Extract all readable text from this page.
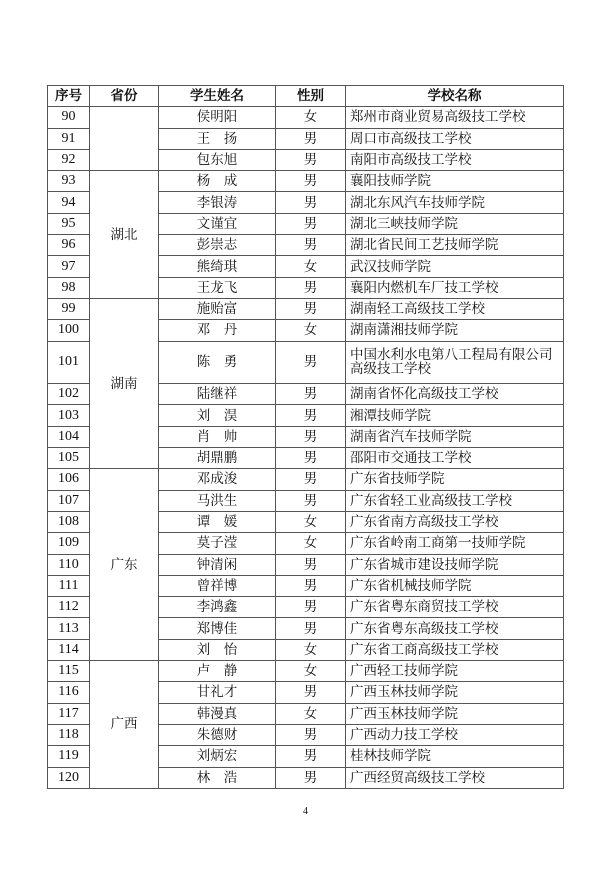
序号	省份	学生姓名	性别	学校名称
90		侯明阳	女	郑州市商业贸易高级技工学校
91		王　扬	男	周口市高级技工学校
92		包东旭	男	南阳市高级技工学校
93	湖北	杨　成	男	襄阳技师学院
94		李银涛	男	湖北东风汽车技师学院
95		文谨宜	男	湖北三峡技师学院
96		彭崇志	男	湖北省民间工艺技师学院
97		熊绮琪	女	武汉技师学院
98		王龙飞	男	襄阳内燃机车厂技工学校
99	湖南	施贻富	男	湖南轻工高级技工学校
100		邓　丹	女	湖南潇湘技师学院
101		陈　勇	男	中国水利水电第八工程局有限公司高级技工学校
102		陆继祥	男	湖南省怀化高级技工学校
103		刘　淏	男	湘潭技师学院
104		肖　帅	男	湖南省汽车技师学院
105		胡鼎鹏	男	邵阳市交通技工学校
106	广东	邓成浚	男	广东省技师学院
107		马洪生	男	广东省轻工业高级技工学校
108		谭　媛	女	广东省南方高级技工学校
109		莫子滢	女	广东省岭南工商第一技师学院
110		钟清闲	男	广东省城市建设技师学院
111		曾祥博	男	广东省机械技师学院
112		李鸿鑫	男	广东省粤东商贸技工学校
113		郑博佳	男	广东省粤东高级技工学校
114		刘　怡	女	广东省工商高级技工学校
115	广西	卢　静	女	广西轻工技师学院
116		甘礼才	男	广西玉林技师学院
117		韩漫真	女	广西玉林技师学院
118		朱德财	男	广西动力技工学校
119		刘炳宏	男	桂林技师学院
120		林　浩	男	广西经贸高级技工学校
4
